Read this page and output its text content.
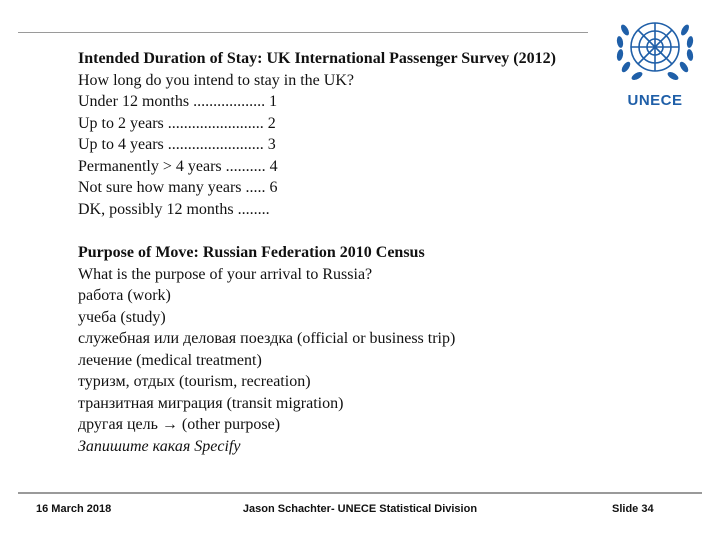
UNECE
Intended Duration of Stay: UK International Passenger Survey (2012)
How long do you intend to stay in the UK?
Under 12 months .................. 1
Up to 2 years ........................ 2
Up to 4 years ........................ 3
Permanently > 4 years .......... 4
Not sure how many years ..... 6
DK, possibly 12 months ........
Purpose of Move: Russian Federation 2010 Census
What is the purpose of your arrival to Russia?
работа (work)
учеба (study)
служебная или деловая поездка (official or business trip)
лечение (medical treatment)
туризм, отдых (tourism, recreation)
транзитная миграция (transit migration)
другая цель → (other purpose)
Запишите какая Specify
16 March 2018	Jason Schachter- UNECE Statistical Division	Slide 34
